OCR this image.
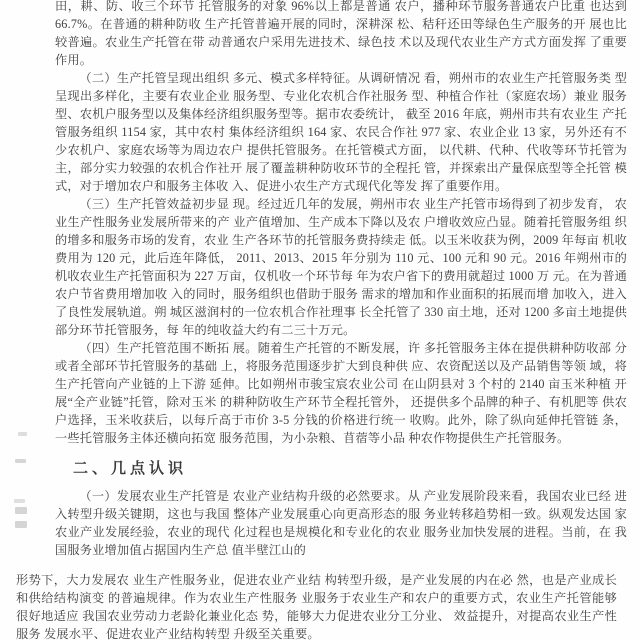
田，耕、防、收三个环节 托管服务的对象 96%以上都是普通 农户，播种环节服务普通农户比重 也达到 66.7%。在普通的耕种防收 生产托管普遍开展的同时，深耕深 松、秸秆还田等绿色生产服务的开 展也比较普遍。农业生产托管在带 动普通农户采用先进技术、绿色技 术以及现代农业生产方式方面发挥 了重要作用。

（二）生产托管呈现出组织 多元、模式多样特征。从调研情况 看，朔州市的农业生产托管服务类 型呈现出多样化，主要有农业企业 服务型、专业化农机合作社服务 型、种植合作社（家庭农场）兼业 服务型、农机户服务型以及集体经济组织服务型等。据市农委统计， 截至 2016 年底，朔州市共有农业生 产托管服务组织 1154 家，其中农村 集体经济组织 164 家、农民合作社 977 家、农业企业 13 家，另外还有不少农机户、家庭农场等为周边农户 提供托管服务。在托管模式方面， 以代耕、代种、代收等环节托管为 主，部分实力较强的农机合作社开 展了覆盖耕种防收环节的全程托 管，并探索出产量保底型等全托管 模式，对于增加农户和服务主体收 入、促进小农生产方式现代化等发 挥了重要作用。

（三）生产托管效益初步显 现。经过近几年的发展，朔州市农 业生产托管市场得到了初步发育， 农业生产性服务业发展所带来的产 业产值增加、生产成本下降以及农 户增收效应凸显。随着托管服务组 织的增多和服务市场的发育，农业 生产各环节的托管服务费持续走 低。以玉米收获为例，2009 年每亩 机收费用为 120 元，此后连年降低， 2011、2013、2015 年分别为 110 元、100 元和 90 元。2016 年朔州市的机收农业生产托管面积为 227 万亩，仅机收一个环节每 年为农户省下的费用就超过 1000 万 元。在为普通农户节省费用增加收 入的同时，服务组织也借助于服务 需求的增加和作业面积的拓展而增 加收入，进入了良性发展轨道。朔 城区滋润村的一位农机合作社理事 长全托管了 330 亩土地，还对 1200 多亩土地提供部分环节托管服务，每 年的纯收益大约有二三十万元。

（四）生产托管范围不断拓 展。随着生产托管的不断发展，许 多托管服务主体在提供耕种防收部 分或者全部环节托管服务的基础 上，将服务范围逐步扩大到良种供 应、农资配送以及产品销售等领 域，将生产托管向产业链的上下游 延伸。比如朔州市骏宝宸农业公司 在山阴县对 3 个村的 2140 亩玉米种植 开展“全产业链”托管，除对玉米 的耕种防收生产环节全程托管外， 还提供多个品牌的种子、有机肥等 供农户选择，玉米收获后，以每斤高于市价 3-5 分钱的价格进行统一 收购。此外，除了纵向延伸托管链 条，一些托管服务主体还横向拓宽 服务范围，为小杂粮、苜蓿等小品 种农作物提供生产托管服务。

二、几点认识

（一）发展农业生产托管是 农业产业结构升级的必然要求。从 产业发展阶段来看，我国农业已经 进入转型升级关键期，这也与我国 整体产业发展重心向更高形态的服 务业转移趋势相一致。纵观发达国 家农业产业发展经验，农业的现代 化过程也是规模化和专业化的农业 服务业加快发展的进程。当前，在 我国服务业增加值占据国内生产总 值半壁江山的

形势下，大力发展农 业生产性服务业，促进农业产业结 构转型升级，是产业发展的内在必 然，也是产业成长和供给结构演变 的普遍规律。作为农业生产性服务 业服务于农业生产和农户的重要方式，农业生产托管能够很好地适应 我国农业劳动力老龄化兼业化态 势，能够大力促进农业分工分业、 效益提升，对提高农业生产性服务 发展水平、促进农业产业结构转型 升级至关重要。
